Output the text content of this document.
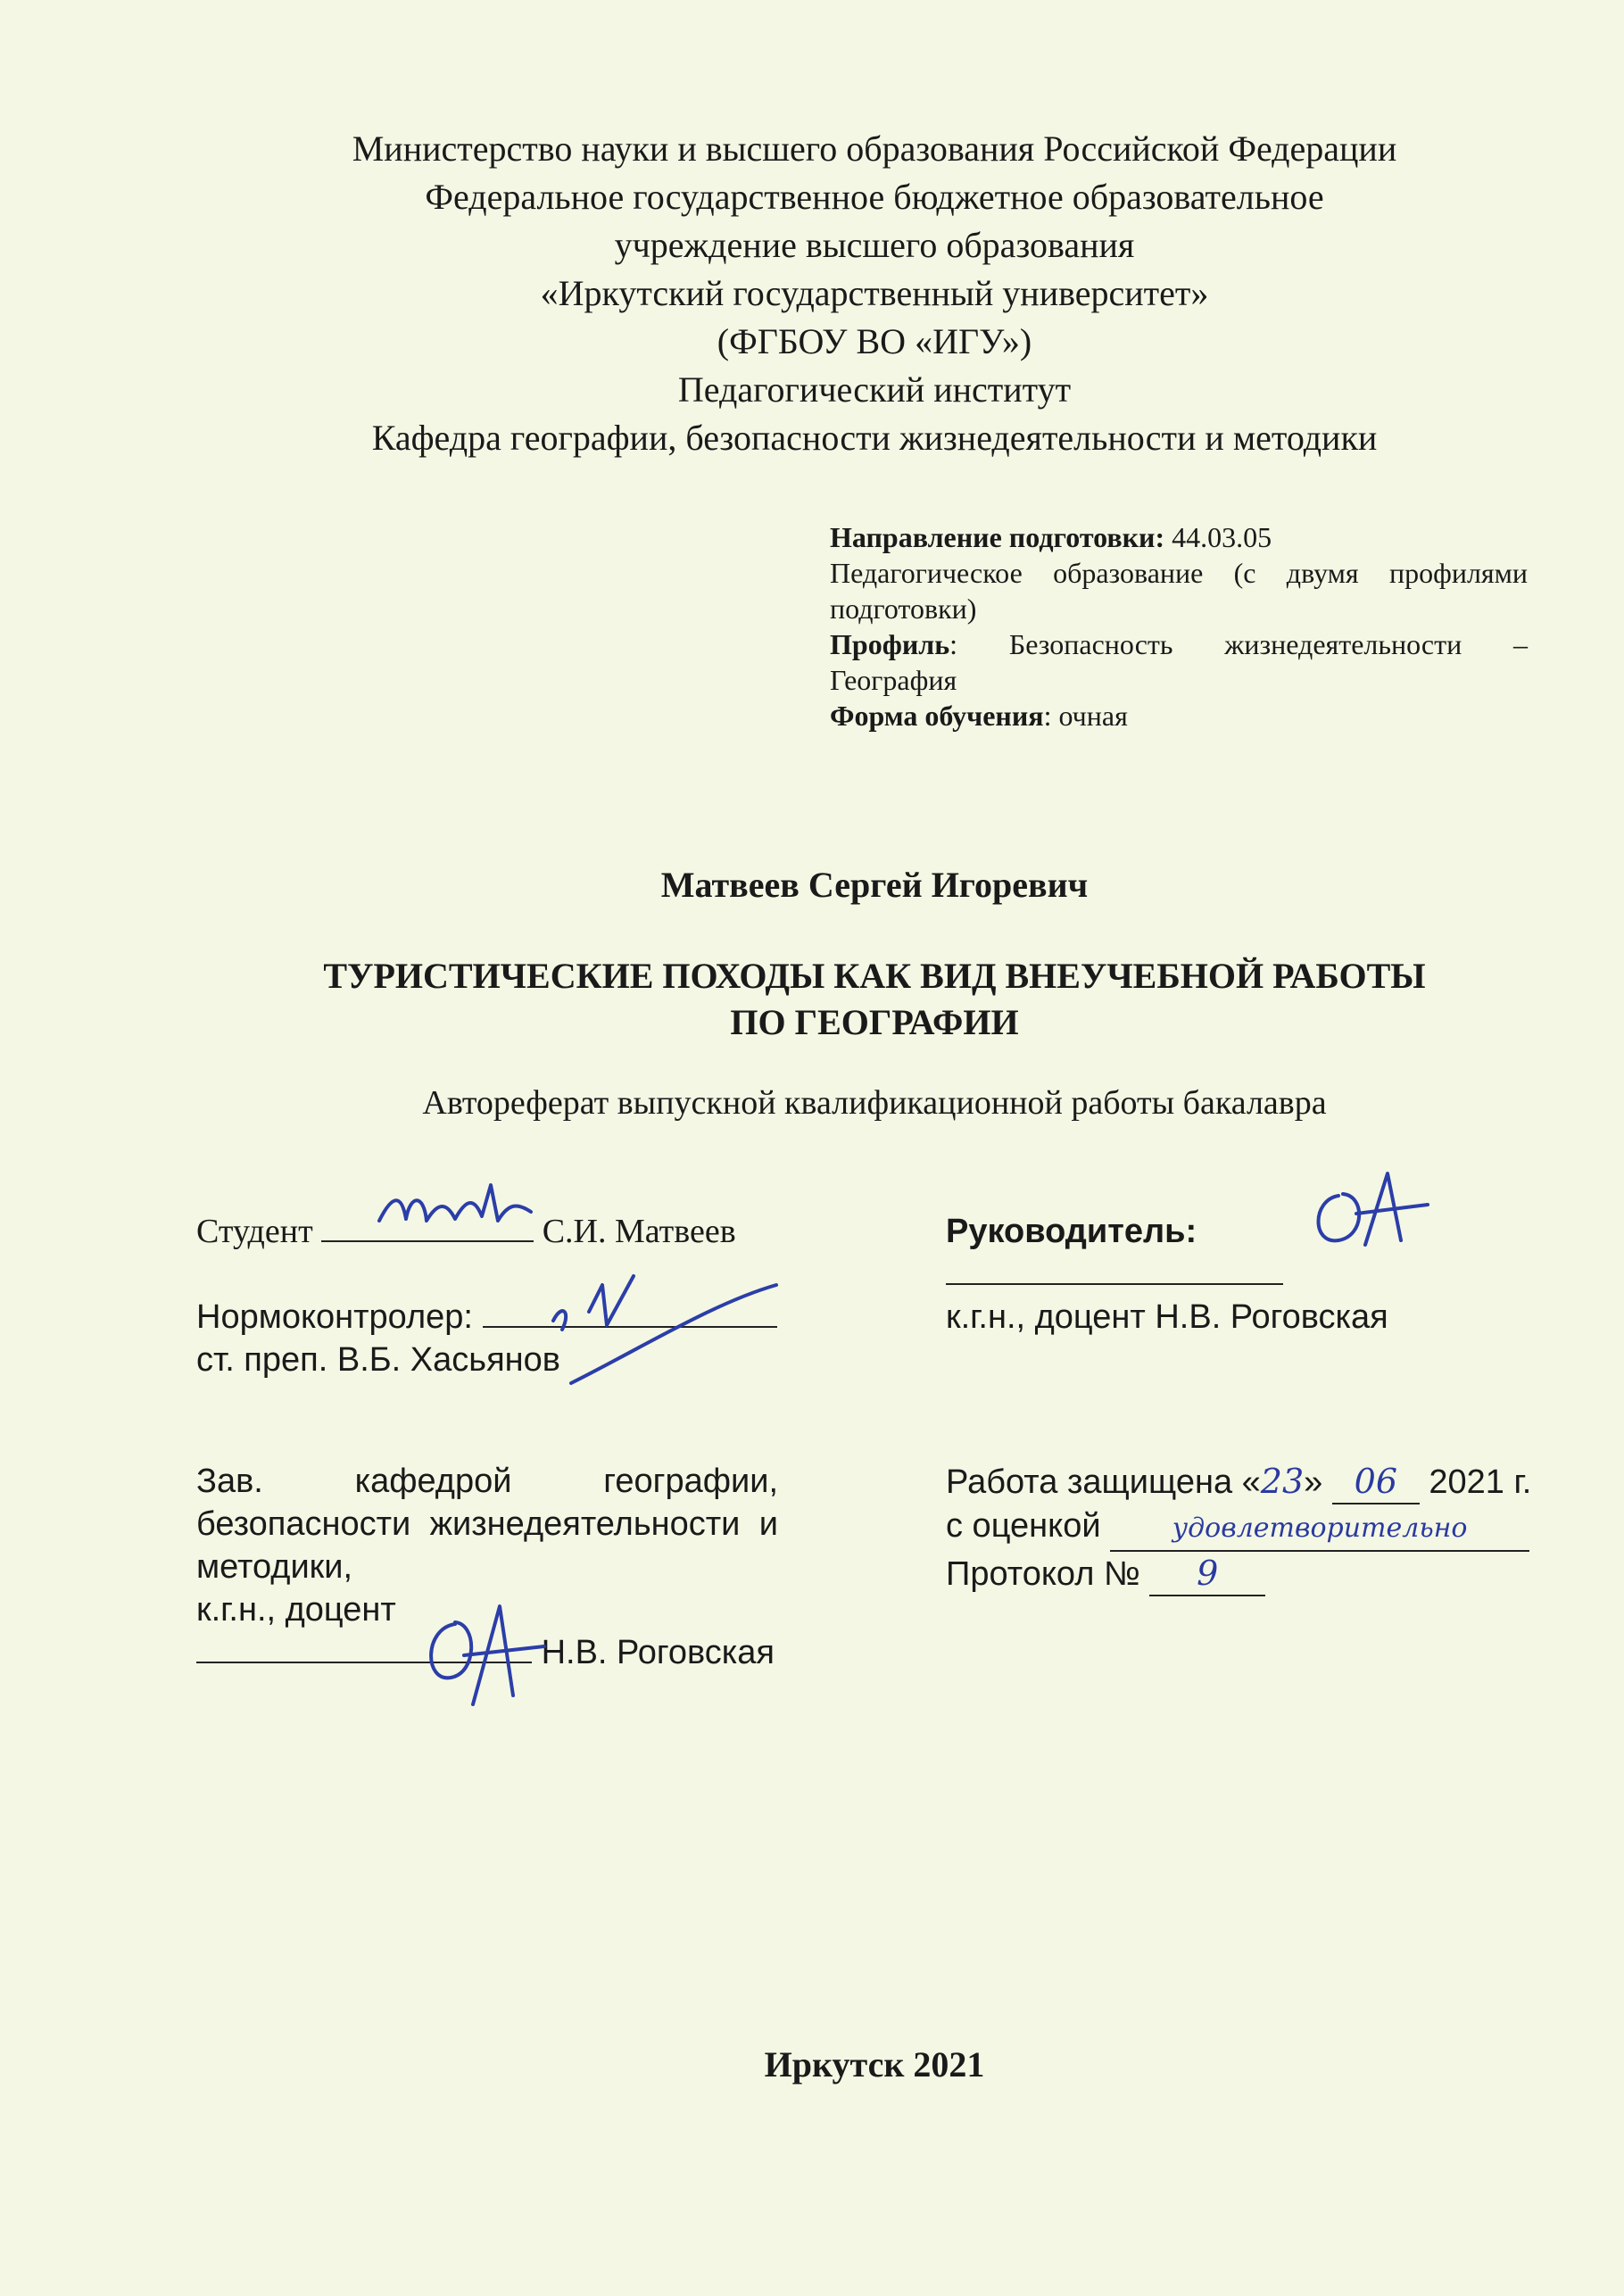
Министерство науки и высшего образования Российской Федерации
Федеральное государственное бюджетное образовательное
учреждение высшего образования
«Иркутский государственный университет»
(ФГБОУ ВО «ИГУ»)
Педагогический институт
Кафедра географии, безопасности жизнедеятельности и методики
Направление подготовки: 44.03.05
Педагогическое образование (с двумя профилями подготовки)
Профиль: Безопасность жизнедеятельности – География
Форма обучения: очная
Матвеев Сергей Игоревич
ТУРИСТИЧЕСКИЕ ПОХОДЫ КАК ВИД ВНЕУЧЕБНОЙ РАБОТЫ
ПО ГЕОГРАФИИ
Автореферат выпускной квалификационной работы бакалавра
Студент	С.И. Матвеев	Руководитель:
к.г.н., доцент Н.В. Роговская
Нормоконтролер:
ст. преп. В.Б. Хасьянов
Зав. кафедрой географии,
безопасности жизнедеятельности и
методики,
к.г.н., доцент
Н.В. Роговская
Работа защищена «23» 06 2021 г.
с оценкой	удовлетворительно
Протокол № 9
Иркутск 2021
